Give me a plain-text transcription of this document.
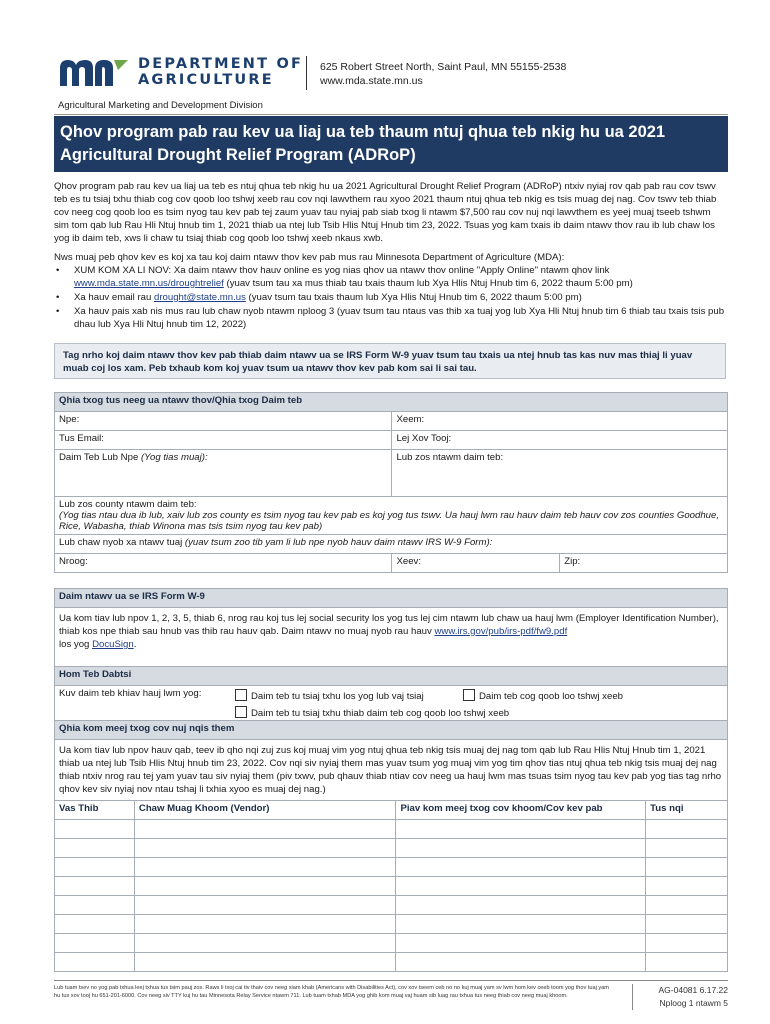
DEPARTMENT OF
AGRICULTURE
625 Robert Street North, Saint Paul, MN 55155-2538
www.mda.state.mn.us
Agricultural Marketing and Development Division
Qhov program pab rau kev ua liaj ua teb thaum ntuj qhua teb nkig hu ua 2021
Agricultural Drought Relief Program (ADRoP)

Qhov program pab rau kev ua liaj ua teb es ntuj qhua teb nkig hu ua 2021 Agricultural Drought Relief Program (ADRoP) ntxiv nyiaj rov qab pab rau cov tswv teb es tu tsiaj txhu thiab cog cov qoob loo tshwj xeeb rau cov nqi lawvthem rau xyoo 2021 thaum ntuj qhua teb nkig es tsis muag dej nag. Cov tswv teb thiab cov neeg cog qoob loo es tsim nyog tau kev pab tej zaum yuav tau nyiaj pab siab txog li ntawm $7,500 rau cov nuj nqi lawvthem es yeej muaj tseeb tshwm sim tom qab lub Rau Hli Ntuj hnub tim 1, 2021 thiab ua ntej lub Tsib Hlis Ntuj Hnub tim 23, 2022. Tsuas yog kam txais ib daim ntawv thov rau ib lub chaw los yog ib daim teb, xws li chaw tu tsiaj thiab cog qoob loo tshwj xeeb nkaus xwb.

Nws muaj peb qhov kev es koj xa tau koj daim ntawv thov kev pab mus rau Minnesota Department of Agriculture (MDA):
• XUM KOM XA LI NOV: Xa daim ntawv thov hauv online es yog nias qhov ua ntawv thov online "Apply Online" ntawm qhov link www.mda.state.mn.us/droughtrelief (yuav tsum tau xa mus thiab tau txais thaum lub Xya Hlis Ntuj Hnub tim 6, 2022 thaum 5:00 pm)
• Xa hauv email rau drought@state.mn.us (yuav tsum tau txais thaum lub Xya Hlis Ntuj Hnub tim 6, 2022 thaum 5:00 pm)
• Xa hauv pais xab nis mus rau lub chaw nyob ntawm nploog 3 (yuav tsum tau ntaus vas thib xa tuaj yog lub Xya Hli Ntuj hnub tim 6 thiab tau txais tsis pub dhau lub Xya Hli Ntuj hnub tim 12, 2022)
Tag nrho koj daim ntawv thov kev pab thiab daim ntawv ua se IRS Form W-9 yuav tsum tau txais ua ntej hnub tas kas nuv mas thiaj li yuav muab coj los xam. Peb txhaub kom koj yuav tsum ua ntawv thov kev pab kom sai li sai tau.
Qhia txog tus neeg ua ntawv thov/Qhia txog Daim teb		
Npe:	Xeem:	
Tus Email:	Lej Xov Tooj:	
Daim Teb Lub Npe (Yog tias muaj):	Lub zos ntawm daim teb:	

Lub zos county ntawm daim teb:
(Yog tias ntau dua ib lub, xaiv lub zos county es tsim nyog tau kev pab es koj yog tus tswv. Ua hauj lwm rau hauv daim teb hauv cov zos counties Goodhue, Rice, Wabasha, thiab Winona mas tsis tsim nyog tau kev pab)		

Lub chaw nyob xa ntawv tuaj (yuav tsum zoo tib yam li lub npe nyob hauv daim ntawv IRS W-9 Form):		
Nroog:	Xeev:	Zip:
Daim ntawv ua se IRS Form W-9
Ua kom tiav lub npov 1, 2, 3, 5, thiab 6, nrog rau koj tus lej social security los yog tus lej cim ntawm lub chaw ua hauj lwm (Employer Identification Number), thiab kos npe thiab sau hnub vas thib rau hauv qab. Daim ntawv no muaj nyob rau hauv www.irs.gov/pub/irs-pdf/fw9.pdf
los yog DocuSign.
Hom Teb Dabtsi
Kuv daim teb khiav hauj lwm yog:	Daim teb tu tsiaj txhu los yog lub vaj tsiaj	Daim teb cog qoob loo tshwj xeeb
Daim teb tu tsiaj txhu thiab daim teb cog qoob loo tshwj xeeb
Qhia kom meej txog cov nuj nqis them			
Ua kom tiav lub npov hauv qab, teev ib qho nqi zuj zus koj muaj vim yog ntuj qhua teb nkig tsis muaj dej nag tom qab lub Rau Hlis Ntuj Hnub tim 1, 2021 thiab ua ntej lub Tsib Hlis Ntuj hnub tim 23, 2022. Cov nqi siv nyiaj them mas yuav tsum yog muaj vim yog tim qhov tias ntuj qhua teb nkig tsis muaj dej nag thiab ntxiv nrog rau tej yam yuav tau siv nyiaj them (piv txwv, pub qhauv thiab ntiav cov neeg ua hauj lwm mas tsuas tsim nyog tau kev pab yog tias tag nrho qhov kev siv nyiaj nov ntau tshaj li txhia xyoo es muaj dej nag.)			
Vas Thib	Chaw Muag Khoom (Vendor)	Piav kom meej txog cov khoom/Cov kev pab	Tus nqi

Lub tuam tsev no yog pab txhua leej txhua tus tsim pauj zos. Raws li txoj cai tiv thaiv cov neeg xiam khab (Americans with Disabilities Act), cov xov tseem ceb no no kuj muaj yam sv lwm hom kev ceeb toom yog thov tuaj yam hu tus xov tooj hu 651-201-6000. Cov neeg siv TTY kuj hu tau Minnesota Relay Service ntawm 711. Lub tuam txhab MDA yog ghib kom muaj vaj huam sib luag rau txhua tus neeg thiab cov neeg muaj khoom.
AG-04081 6.17.22
Nploog 1 ntawm 5
